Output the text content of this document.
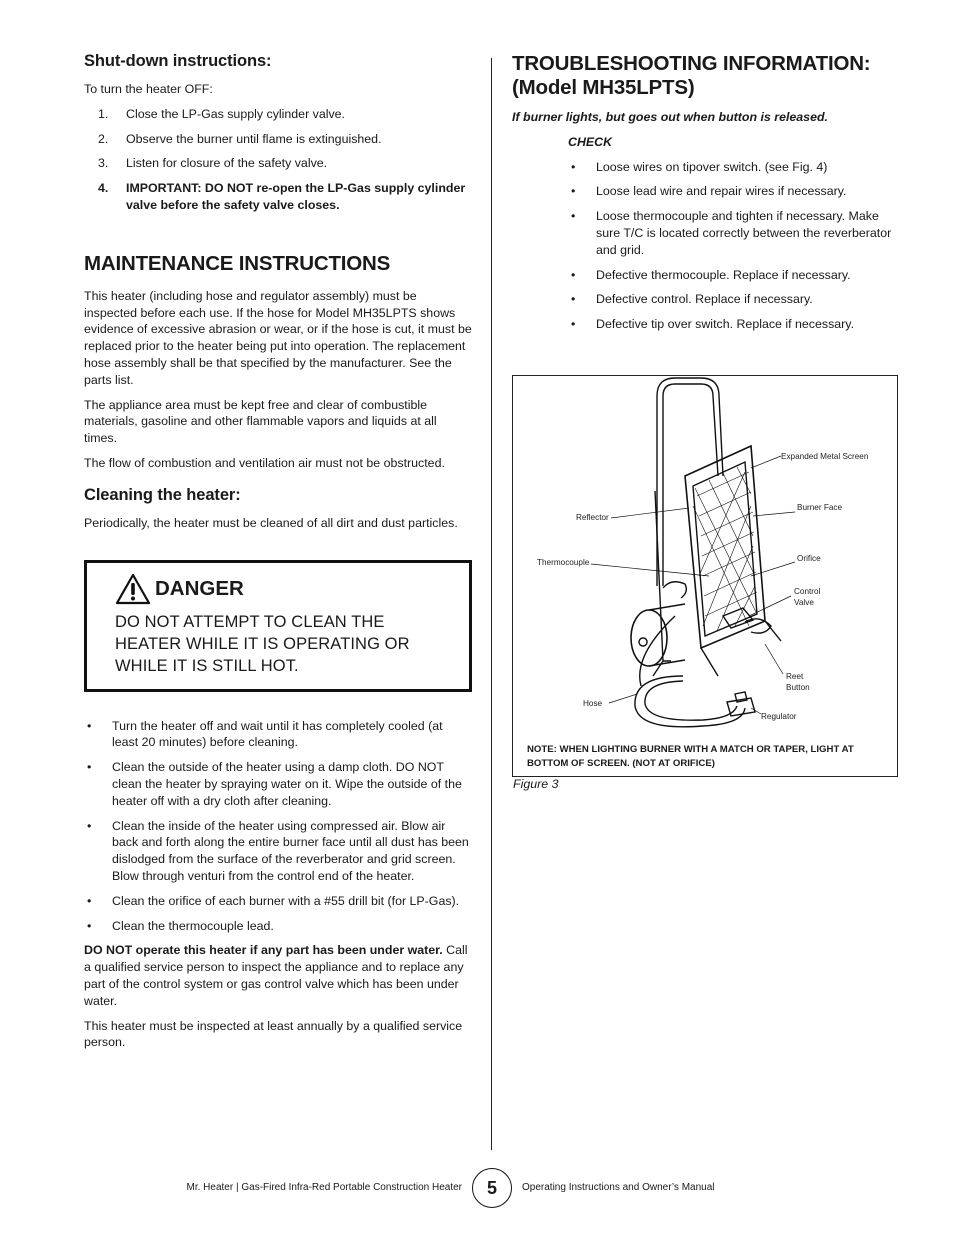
Shut-down instructions:

To turn the heater OFF:

1. Close the LP-Gas supply cylinder valve.
2. Observe the burner until flame is extinguished.
3. Listen for closure of the safety valve.
4. IMPORTANT: DO NOT re-open the LP-Gas supply cylinder valve before the safety valve closes.
MAINTENANCE INSTRUCTIONS

This heater (including hose and regulator assembly) must be inspected before each use. If the hose for Model MH35LPTS shows evidence of excessive abrasion or wear, or if the hose is cut, it must be replaced prior to the heater being put into operation. The replacement hose assembly shall be that specified by the manufacturer. See the parts list.

The appliance area must be kept free and clear of combustible materials, gasoline and other flammable vapors and liquids at all times.

The flow of combustion and ventilation air must not be obstructed.

Cleaning the heater:

Periodically, the heater must be cleaned of all dirt and dust particles.

DANGER
DO NOT ATTEMPT TO CLEAN THE HEATER WHILE IT IS OPERATING OR WHILE IT IS STILL HOT.
• Turn the heater off and wait until it has completely cooled (at least 20 minutes) before cleaning.
• Clean the outside of the heater using a damp cloth. DO NOT clean the heater by spraying water on it. Wipe the outside of the heater off with a dry cloth after cleaning.
• Clean the inside of the heater using compressed air. Blow air back and forth along the entire burner face until all dust has been dislodged from the surface of the reverberator and grid screen. Blow through venturi from the control end of the heater.
• Clean the orifice of each burner with a #55 drill bit (for LP-Gas).
• Clean the thermocouple lead.

DO NOT operate this heater if any part has been under water. Call a qualified service person to inspect the appliance and to replace any part of the control system or gas control valve which has been under water.

This heater must be inspected at least annually by a qualified service person.

TROUBLESHOOTING INFORMATION:
(Model MH35LPTS)

If burner lights, but goes out when button is released.

CHECK

• Loose wires on tipover switch. (see Fig. 4)
• Loose lead wire and repair wires if necessary.
• Loose thermocouple and tighten if necessary. Make sure T/C is located correctly between the reverberator and grid.
• Defective thermocouple. Replace if necessary.
• Defective control. Replace if necessary.
• Defective tip over switch. Replace if necessary.
Expanded Metal Screen
Burner Face
Reflector
Orifice
Thermocouple
Control
Valve
Reet
Button
Hose
Regulator
NOTE: WHEN LIGHTING BURNER WITH A MATCH OR TAPER, LIGHT AT BOTTOM OF SCREEN. (NOT AT ORIFICE)
Figure 3
Mr. Heater | Gas-Fired Infra-Red Portable Construction Heater	5	Operating Instructions and Owner’s Manual
